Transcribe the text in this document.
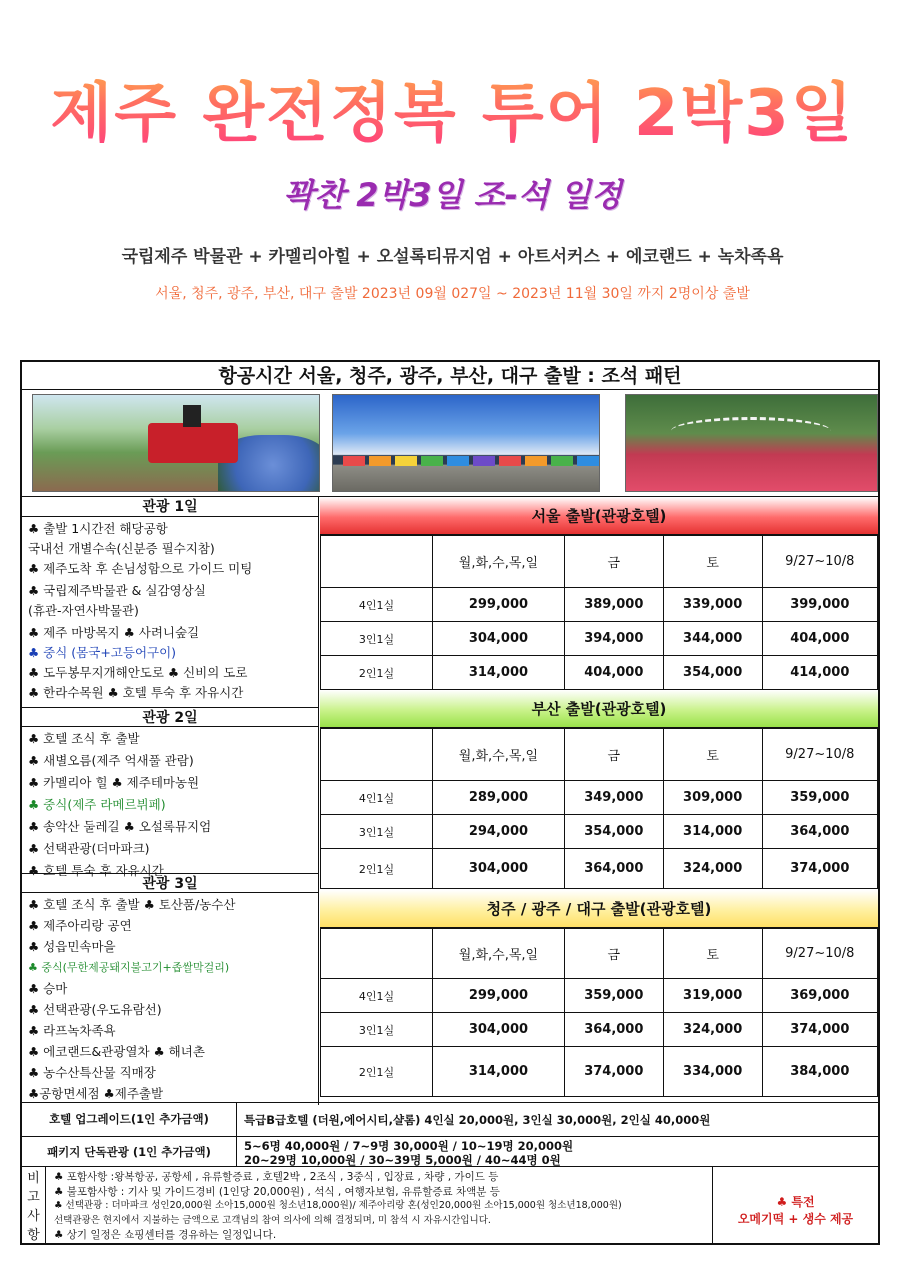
제주 완전정복 투어 2박3일
꽉찬 2박3일 조-석 일정
국립제주 박물관 + 카멜리아힐 + 오설록티뮤지엄 + 아트서커스 + 에코랜드 + 녹차족욕
서울, 청주, 광주, 부산, 대구 출발 2023년 09월 027일 ~ 2023년 11월 30일 까지 2명이상 출발
항공시간 서울, 청주, 광주, 부산, 대구 출발 : 조석 패턴
관광 1일
♣ 출발 1시간전 해당공항
국내선 개별수속(신분증 필수지참)
♣ 제주도착 후 손님성함으로 가이드 미팅
♣ 국립제주박물관 & 실감영상실
(휴관-자연사박물관)
♣ 제주 마방목지 ♣ 사려니숲길
♣ 중식 (몸국+고등어구이)
♣ 도두봉무지개해안도로 ♣ 신비의 도로
♣ 한라수목원 ♣ 호텔 투숙 후 자유시간
관광 2일
♣ 호텔 조식 후 출발
♣ 새별오름(제주 억새풀 관람)
♣ 카멜리아 힐 ♣ 제주테마농원
♣ 중식(제주 라메르뷔페)
♣ 송악산 둘레길 ♣ 오설록뮤지엄
♣ 선택관광(더마파크)
♣ 호텔 투숙 후 자유시간
관광 3일
♣ 호텔 조식 후 출발 ♣ 토산품/농수산
♣ 제주아리랑 공연
♣ 성읍민속마을
♣ 중식(무한제공돼지불고기+좁쌀막걸리)
♣ 승마
♣ 선택관광(우도유람선)
♣ 라프녹차족욕
♣ 에코랜드&관광열차 ♣ 해녀촌
♣ 농수산특산물 직매장
♣공항면세점 ♣제주출발
서울 출발(관광호텔)
	월,화,수,목,일	금	토	9/27~10/8
4인1실	299,000	389,000	339,000	399,000
3인1실	304,000	394,000	344,000	404,000
2인1실	314,000	404,000	354,000	414,000
부산 출발(관광호텔)
	월,화,수,목,일	금	토	9/27~10/8
4인1실	289,000	349,000	309,000	359,000
3인1실	294,000	354,000	314,000	364,000
2인1실	304,000	364,000	324,000	374,000
청주 / 광주 / 대구 출발(관광호텔)
	월,화,수,목,일	금	토	9/27~10/8
4인1실	299,000	359,000	319,000	369,000
3인1실	304,000	364,000	324,000	374,000
2인1실	314,000	374,000	334,000	384,000
호텔 업그레이드(1인 추가금액)	특급B급호텔 (더원,에어시티,샬롬) 4인실 20,000원, 3인실 30,000원, 2인실 40,000원
패키지 단독관광 (1인 추가금액)	5~6명 40,000원 / 7~9명 30,000원 / 10~19명 20,000원
20~29명 10,000원 / 30~39명 5,000원 / 40~44명 0원
비
고
사
항
♣ 포함사항 :왕복항공, 공항세 , 유류할증료 , 호텔2박 , 2조식 , 3중식 , 입장료 , 차량 , 가이드 등
♣ 불포함사항 : 기사 및 가이드경비 (1인당 20,000원) , 석식 , 여행자보험, 유류할증료 차액분 등
♣ 선택관광 : 더마파크 성인20,000원 소아15,000원 청소년18,000원)/ 제주아리랑 혼(성인20,000원 소아15,000원 청소년18,000원)
선택관광은 현지에서 지불하는 금액으로 고객님의 참여 의사에 의해 결정되며, 미 참석 시 자유시간입니다.
♣ 상기 일정은 쇼핑센터를 경유하는 일정입니다.
♣ 특전
오메기떡 + 생수 제공
